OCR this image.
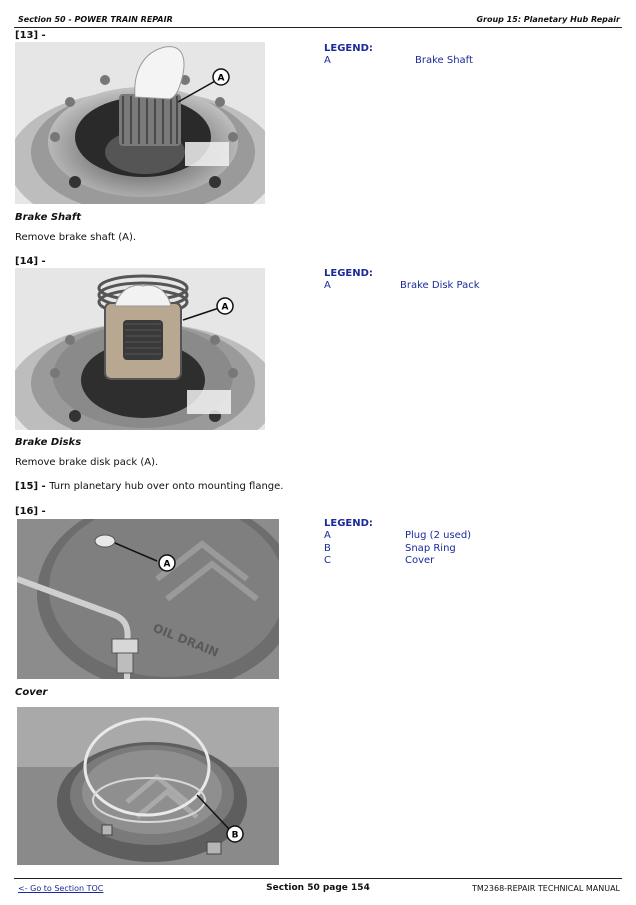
Section 50 - POWER TRAIN REPAIR	Group 15: Planetary Hub Repair
[13] -
A
LEGEND:
A	Brake Shaft
Brake Shaft
Remove brake shaft (A).
[14] -
A
LEGEND:
A	Brake Disk Pack
Brake Disks
Remove brake disk pack (A).
[15] - Turn planetary hub over onto mounting flange.
[16] -
OIL DRAIN
A
LEGEND:
A	Plug (2 used)
B	Snap Ring
C	Cover
Cover
B
<- Go to Section TOC	Section 50 page 154	TM2368-REPAIR TECHNICAL MANUAL
